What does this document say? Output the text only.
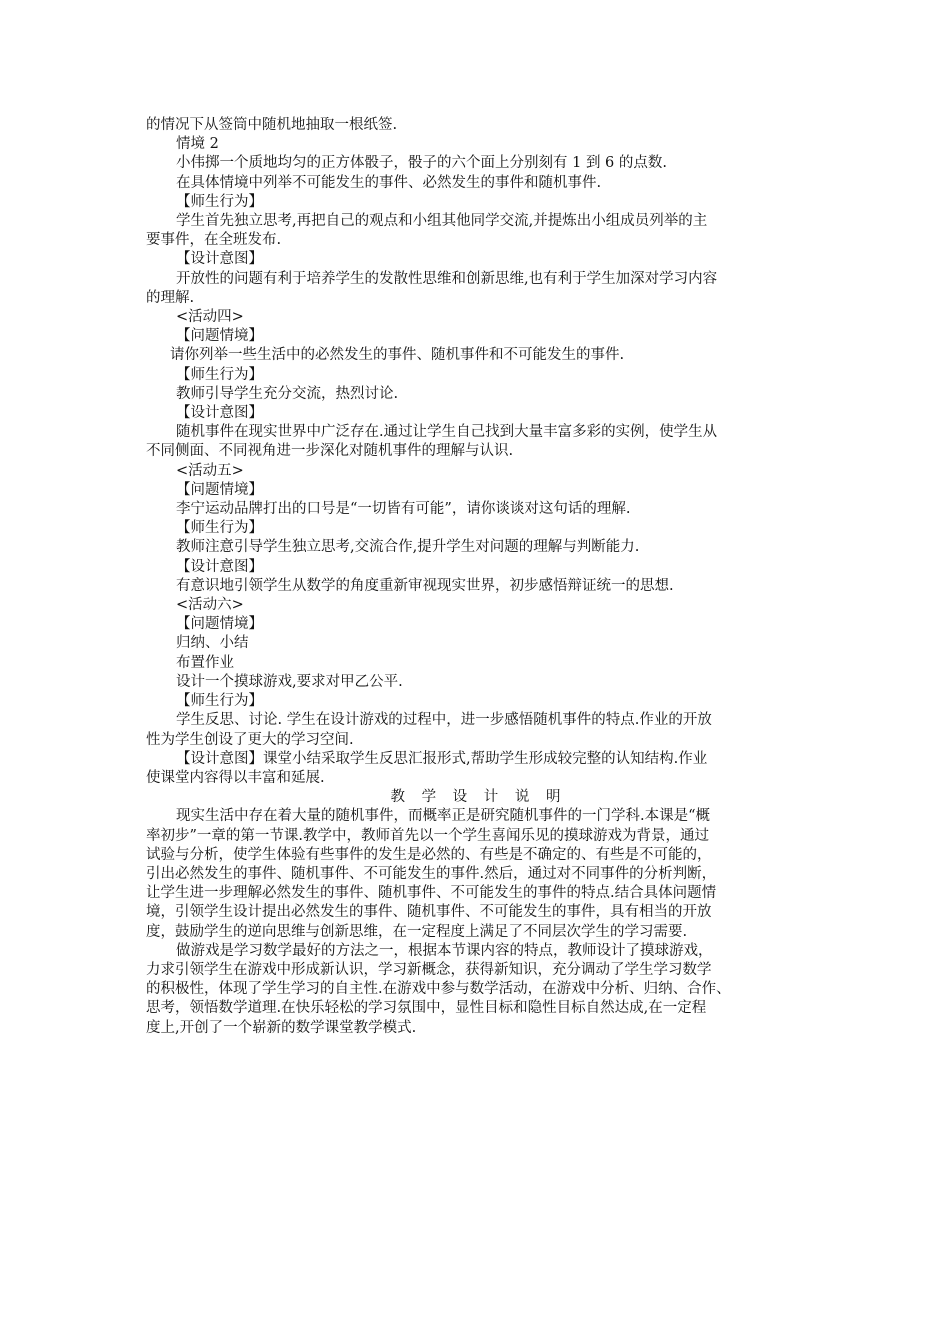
的情况下从签筒中随机地抽取一根纸签.

情境 2

小伟掷一个质地均匀的正方体骰子，骰子的六个面上分别刻有 1 到 6 的点数.

在具体情境中列举不可能发生的事件、必然发生的事件和随机事件.

【师生行为】

学生首先独立思考,再把自己的观点和小组其他同学交流,并提炼出小组成员列举的主

要事件，在全班发布.

【设计意图】

开放性的问题有利于培养学生的发散性思维和创新思维,也有利于学生加深对学习内容

的理解.

<活动四>

【问题情境】

请你列举一些生活中的必然发生的事件、随机事件和不可能发生的事件.

【师生行为】

教师引导学生充分交流，热烈讨论.

【设计意图】

随机事件在现实世界中广泛存在.通过让学生自己找到大量丰富多彩的实例，使学生从

不同侧面、不同视角进一步深化对随机事件的理解与认识.

<活动五>

【问题情境】

李宁运动品牌打出的口号是“一切皆有可能”，请你谈谈对这句话的理解.

【师生行为】

教师注意引导学生独立思考,交流合作,提升学生对问题的理解与判断能力.

【设计意图】

有意识地引领学生从数学的角度重新审视现实世界，初步感悟辩证统一的思想.

<活动六>

【问题情境】

归纳、小结

布置作业

设计一个摸球游戏,要求对甲乙公平.

【师生行为】

学生反思、讨论. 学生在设计游戏的过程中，进一步感悟随机事件的特点.作业的开放

性为学生创设了更大的学习空间.

【设计意图】课堂小结采取学生反思汇报形式,帮助学生形成较完整的认知结构.作业

使课堂内容得以丰富和延展.

教 学 设 计 说 明

现实生活中存在着大量的随机事件，而概率正是研究随机事件的一门学科.本课是“概

率初步”一章的第一节课.教学中，教师首先以一个学生喜闻乐见的摸球游戏为背景，通过

试验与分析，使学生体验有些事件的发生是必然的、有些是不确定的、有些是不可能的，

引出必然发生的事件、随机事件、不可能发生的事件.然后，通过对不同事件的分析判断，

让学生进一步理解必然发生的事件、随机事件、不可能发生的事件的特点.结合具体问题情

境，引领学生设计提出必然发生的事件、随机事件、不可能发生的事件，具有相当的开放

度，鼓励学生的逆向思维与创新思维，在一定程度上满足了不同层次学生的学习需要.

做游戏是学习数学最好的方法之一，根据本节课内容的特点，教师设计了摸球游戏，

力求引领学生在游戏中形成新认识，学习新概念，获得新知识，充分调动了学生学习数学

的积极性，体现了学生学习的自主性.在游戏中参与数学活动，在游戏中分析、归纳、合作、

思考，领悟数学道理.在快乐轻松的学习氛围中，显性目标和隐性目标自然达成,在一定程

度上,开创了一个崭新的数学课堂教学模式.
